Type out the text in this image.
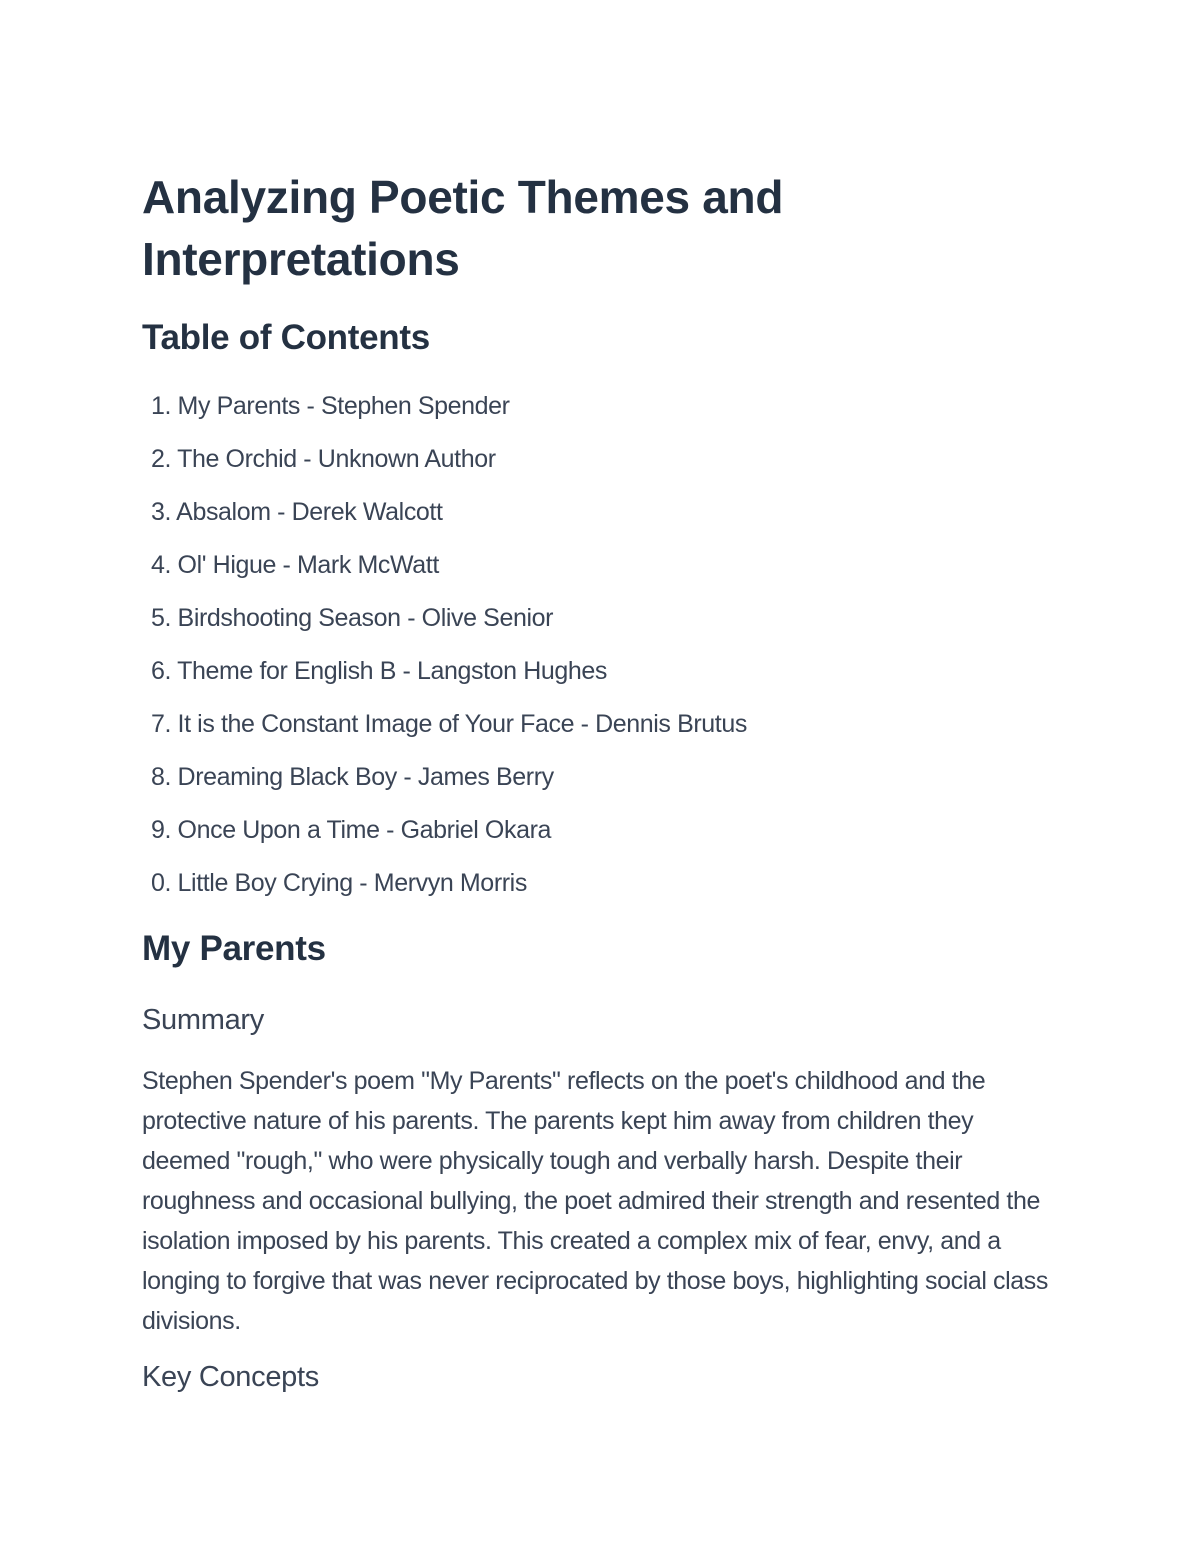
Analyzing Poetic Themes and Interpretations
Table of Contents
1 . My Parents - Stephen Spender
2 . The Orchid - Unknown Author
3 . Absalom - Derek Walcott
4 . Ol' Higue - Mark McWatt
5 . Birdshooting Season - Olive Senior
6 . Theme for English B - Langston Hughes
7 . It is the Constant Image of Your Face - Dennis Brutus
8 . Dreaming Black Boy - James Berry
9 . Once Upon a Time - Gabriel Okara
0 . Little Boy Crying - Mervyn Morris
My Parents
Summary

Stephen Spender's poem "My Parents" reflects on the poet's childhood and the protective nature of his parents. The parents kept him away from children they deemed "rough," who were physically tough and verbally harsh. Despite their roughness and occasional bullying, the poet admired their strength and resented the isolation imposed by his parents. This created a complex mix of fear, envy, and a longing to forgive that was never reciprocated by those boys, highlighting social class divisions.

Key Concepts
